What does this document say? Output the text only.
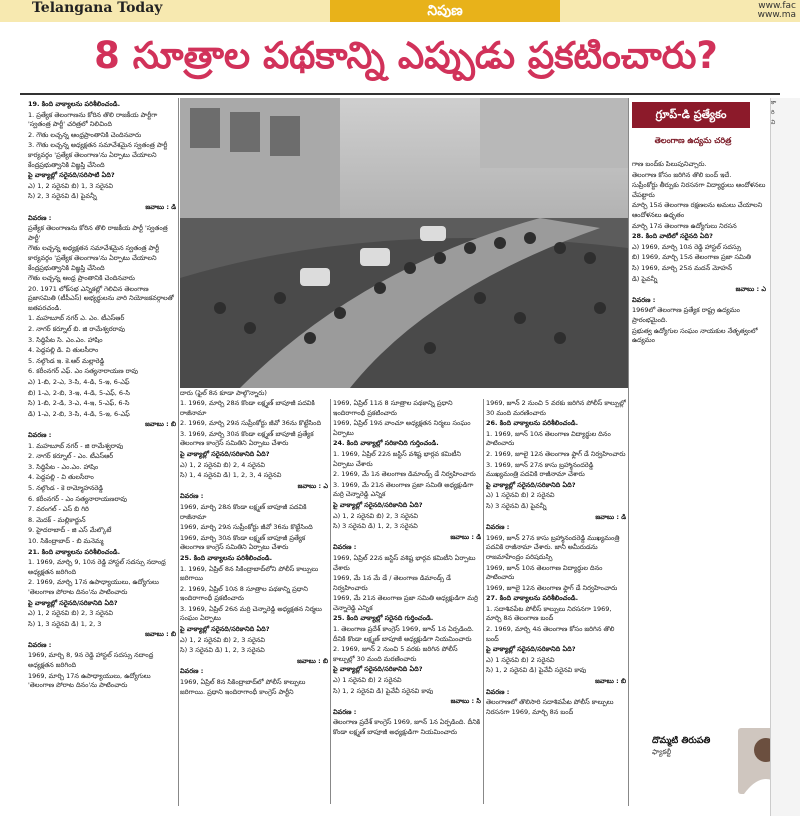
Telangana Today	నిపుణ	www.fac
www.ma
8 సూత్రాల పథకాన్ని ఎప్పుడు ప్రకటించారు?

19. కింది వాక్యాలను పరిశీలించండి.

1. ప్రత్యేక తెలంగాణను కోరిన తొలి రాజకీయ పార్టీగా 'స్వతంత్ర పార్టీ' చరిత్రలో నిలిచింది

2. గౌతు లచ్చన్న ఆంధ్రప్రాంతానికి చెందినవారు

3. గౌతు లచ్చన్న అధ్యక్షతన సమావేశమైన స్వతంత్ర పార్టీ కార్యవర్గం 'ప్రత్యేక తెలంగాణ'ను ఏర్పాటు చేయాలని కేంద్రప్రభుత్వానికి విజ్ఞప్తి చేసింది

పై వాక్యాల్లో సరైనది/సరిసాటి ఏది?

ఎ) 1, 2 సరైనవి బి) 1, 3 సరైనవి

సి) 2, 3 సరైనవి డి) పైవన్నీ

జవాబు : డి

వివరణ :

ప్రత్యేక తెలంగాణను కోరిన తొలి రాజకీయ పార్టీ 'స్వతంత్ర పార్టీ'

గౌతు లచ్చన్న అధ్యక్షతన సమావేశమైన స్వతంత్ర పార్టీ కార్యవర్గం 'ప్రత్యేక తెలంగాణ'ను ఏర్పాటు చేయాలని కేంద్రప్రభుత్వానికి విజ్ఞప్తి చేసింది

గౌతు లచ్చన్న ఆంధ్ర ప్రాంతానికి చెందినవారు

20. 1971 లోక్‌సభ ఎన్నికల్లో గెలిచిన తెలంగాణ ప్రజాసమితి (టీపీఎస్) అభ్యర్థులను వారి నియోజకవర్గాలతో జతపరచండి.

1. మహబూబ్ నగర్ ఎ. ఎం. టీఎస్ఆర్

2. నాగర్ కర్నూల్ బి. జి రామేశ్వరరావు

3. సిద్ధిపేట సి. ఎం.ఎం. హాషిం

4. పెద్దపల్లి డి. వి తులసీరాం

5. నల్గొండ ఇ. కె.ఆర్ మల్లారెడ్డి

6. కరీంనగర్ ఎఫ్. ఎం సత్యనారాయణ రావు

ఎ) 1-బి, 2-ఎ, 3-సి, 4-డి, 5-ఇ, 6-ఎఫ్

బి) 1-ఎ, 2-బి, 3-ఇ, 4-డి, 5-ఎఫ్, 6-సి

సి) 1-బి, 2-డి, 3-ఎ, 4-ఇ, 5-ఎఫ్, 6-సి

డి) 1-ఎ, 2-బి, 3-సి, 4-డి, 5-ఇ, 6-ఎఫ్

జవాబు : బి

వివరణ :

1. మహబూబ్ నగర్ - జి రామేశ్వరావు

2. నాగర్ కర్నూల్ - ఎం. టీఎస్ఆర్

3. సిద్ధిపేట - ఎం.ఎం. హాషిం

4. పెద్దపల్లి - వి తులసీరాం

5. నల్గొండ - కె రామ్మోహనరెడ్డి

6. కరీంనగర్ - ఎం సత్యనారాయణరావు

7. వరంగల్ - ఎస్ బి గిరి

8. మెదక్ - మల్లికార్జున్

9. హైదరాబాద్ - జి ఎస్ మేల్కొటే

10. సికింద్రాబాద్ - బి మనెమ్మ

21. కింది వాక్యాలను పరిశీలించండి.

1. 1969, మార్చి 9, 10న రెడ్డి హాస్టల్ సదస్సు నదాంధ్ర అధ్యక్షతన జరిగింది

2. 1969, మార్చి 17న ఉపాధ్యాయులు, ఉద్యోగులు 'తెలంగాణ పోరాట దినం'ను పాటించారు

పై వాక్యాల్లో సరైనది/సరికానిది ఏది?

ఎ) 1, 2 సరైనవి బి) 2, 3 సరైనవి

సి) 1, 3 సరైనవి డి) 1, 2, 3

జవాబు : బి

వివరణ :

1969, మార్చి 8, 9న రెడ్డి హాస్టల్ సదస్సు నదాంధ్ర అధ్యక్షతన జరిగింది

1969, మార్చి 17న ఉపాధ్యాయులు, ఉద్యోగులు 'తెలంగాణ పోరాట దినం'ను పాటించారు

దారు (ఫైల్ 8న కూడా పాల్గొన్నారు)

1. 1969, మార్చి 28న కొండా లక్ష్మణ్ బాపూజీ పదవికి రాజీనామా

2. 1969, మార్చి 29న సుప్రీంకోర్టు జీవో 36ను కొట్టేసింది

3. 1969, మార్చి 30న కొండా లక్ష్మణ్ బాపూజీ ప్రత్యేక తెలంగాణ కాంగ్రెస్ సమితిని ఏర్పాటు చేశారు

పై వాక్యాల్లో సరైనది/సరికానిది ఏది?

ఎ) 1, 2 సరైనవి బి) 2, 4 సరైనవి

సి) 1, 4 సరైనవి డి) 1, 2, 3, 4 సరైనవి

జవాబు : ఎ

వివరణ :

1969, మార్చి 28న కొండా లక్ష్మణ్ బాపూజీ పదవికి రాజీనామా

1969, మార్చి 29న సుప్రీంకోర్టు జీవో 36ను కొట్టేసింది

1969, మార్చి 30న కొండా లక్ష్మణ్ బాపూజీ ప్రత్యేక తెలంగాణ కాంగ్రెస్ సమితిని ఏర్పాటు చేశారు

25. కింది వాక్యాలను పరిశీలించండి.

1. 1969, ఏప్రిల్ 8న సికింద్రాబాద్‌లోని పోలీస్ కాల్పులు జరిగాయి

2. 1969, ఏప్రిల్ 10న 8 సూత్రాల పథకాన్ని ప్రధాని ఇందిరాగాంధీ ప్రకటించారు

3. 1969, ఏప్రిల్ 26న మర్రి చెన్నారెడ్డి అధ్యక్షతన నిర్మలు సంఘం ఏర్పాటు

పై వాక్యాల్లో సరైనది/సరికానిది ఏది?

ఎ) 1, 2 సరైనవి బి) 2, 3 సరైనవి

సి) 3 సరైనవి డి) 1, 2, 3 సరైనవి

జవాబు : బి

వివరణ :

1969, ఏప్రిల్ 8న సికింద్రాబాద్‌లో పోలీస్ కాల్పులు జరిగాయి. ప్రధాని ఇందిరాగాంధీ కాంగ్రెస్ పార్టీని

1969, ఏప్రిల్ 11న 8 సూత్రాల పథకాన్ని ప్రధాని ఇందిరాగాంధీ ప్రకటించారు

1969, ఏప్రిల్ 19న వాంచూ అధ్యక్షతన నిర్మలు సంఘం ఏర్పాటు

24. కింది వాక్యాల్లో సరికానిది గుర్తించండి.

1. 1969, ఏప్రిల్ 22న జస్టిస్ వశిష్ట భార్గవ కమిటీని ఏర్పాటు చేశారు

2. 1969, మే 1న తెలంగాణ డిమాండ్స్ డే నిర్వహించారు

3. 1969, మే 21న తెలంగాణ ప్రజా సమితి అధ్యక్షుడిగా మర్రి చెన్నారెడ్డి ఎన్నిక

పై వాక్యాల్లో సరైనది/సరికానిది ఏది?

ఎ) 1, 2 సరైనవి బి) 2, 3 సరైనవి

సి) 3 సరైనవి డి) 1, 2, 3 సరైనవి

జవాబు : డి

వివరణ :

1969, ఏప్రిల్ 22న జస్టిస్ వశిష్ట భార్గవ కమిటీని ఏర్పాటు చేశారు

1969, మే 1న మే డే / తెలంగాణ డిమాండ్స్ డే నిర్వహించారు

1969, మే 21న తెలంగాణ ప్రజా సమితి అధ్యక్షుడిగా మర్రి చెన్నారెడ్డి ఎన్నిక

25. కింది వాక్యాల్లో సరైనది గుర్తించండి.

1. తెలంగాణ ప్రదేశ్ కాంగ్రెస్ 1969, జూన్ 1న ఏర్పడింది. దీనికి కొండా లక్ష్మణ్ బాపూజీ అధ్యక్షుడిగా నియమించారు

2. 1969, జూన్ 2 నుంచి 5 వరకు జరిగిన పోలీస్ కాల్పుల్లో 30 మంది మరణించారు

పై వాక్యాల్లో సరైనది/సరికానిది ఏది?

ఎ) 1 సరైనవి బి) 2 సరైనవి

సి) 1, 2 సరైనవి డి) పైవేవీ సరైనవి కావు

జవాబు : సి

వివరణ :

తెలంగాణ ప్రదేశ్ కాంగ్రెస్ 1969, జూన్ 1న ఏర్పడింది. దీనికి కొండా లక్ష్మణ్ బాపూజీ అధ్యక్షుడిగా నియమించారు

1969, జూన్ 2 నుంచి 5 వరకు జరిగిన పోలీస్ కాల్పుల్లో 30 మంది మరణించారు

26. కింది వాక్యాలను పరిశీలించండి.

1. 1969, జూన్ 10న తెలంగాణ విద్యార్థుల దినం పాటించారు

2. 1969, జూలై 12న తెలంగాణ ఫ్లాగ్ డే నిర్వహించారు

3. 1969, జూన్ 27న కాసు బ్రహ్మానందరెడ్డి ముఖ్యమంత్రి పదవికి రాజీనామా చేశారు

పై వాక్యాల్లో సరైనది/సరికానిది ఏది?

ఎ) 1 సరైనవి బి) 2 సరైనవి

సి) 3 సరైనవి డి) పైవన్నీ

జవాబు : డి

వివరణ :

1969, జూన్ 27న కాసు బ్రహ్మానందరెడ్డి ముఖ్యమంత్రి పదవికి రాజీనామా చేశారు. జానీ అమీరుడను రాజమాహేంద్రం పరిషదుస్సి

1969, జూన్ 10న తెలంగాణ విద్యార్థుల దినం పాటించారు

1969, జూలై 12న తెలంగాణ ఫ్లాగ్ డే నిర్వహించారు

27. కింది వాక్యాలను పరిశీలించండి.

1. సదాశివపేట పోలీస్ కాల్పులు నిరసనగా 1969, మార్చి 8న తెలంగాణ బంద్

2. 1969, మార్చి 4న తెలంగాణ కోసం జరిగిన తొలి బంద్

పై వాక్యాల్లో సరైనది/సరికానిది ఏది?

ఎ) 1 సరైనవి బి) 2 సరైనవి

సి) 1, 2 సరైనవి డి) పైవేవీ సరైనవి కావు

జవాబు : బి

వివరణ :

తెలంగాణలో తొలిసారి సదాశివపేట పోలీస్ కాల్పులు నిరసనగా 1969, మార్చి 8న బంద్

గ్రూప్-డి ప్రత్యేకం
తెలంగాణ ఉద్యమ చరిత్ర

గాణ బంద్‌కు పిలుపునిచ్చారు.

తెలంగాణ కోసం జరిగిన తొలి బంద్ ఇదే.

సుప్రీంకోర్టు తీర్పుకు నిరసనగా విద్యార్థులు ఆందోళనలు చేపట్టారు

మార్చి 15న తెలంగాణ రక్షణలను అమలు చేయాలని ఆందోళనలు ఉధృతం

మార్చి 17న తెలంగాణ ఉద్యోగులు నిరసన

28. కింది వాటిలో సరైనది ఏది?

ఎ) 1969, మార్చి 10న రెడ్డి హాస్టల్ సదస్సు

బి) 1969, మార్చి 15న తెలంగాణ ప్రజా సమితి

సి) 1969, మార్చి 25న మదన్ మోహన్

డి) పైవన్నీ

జవాబు : ఎ

వివరణ :

1969లో తెలంగాణ ప్రత్యేక రాష్ట్ర ఉద్యమం ప్రారంభమైంది.

ప్రభుత్వ ఉద్యోగుల సంఘం నాయకుల నేతృత్వంలో ఉద్యమం

దొమ్మటి తిరుపతి
ఫ్యాకల్టీ
కా
రి
వి
